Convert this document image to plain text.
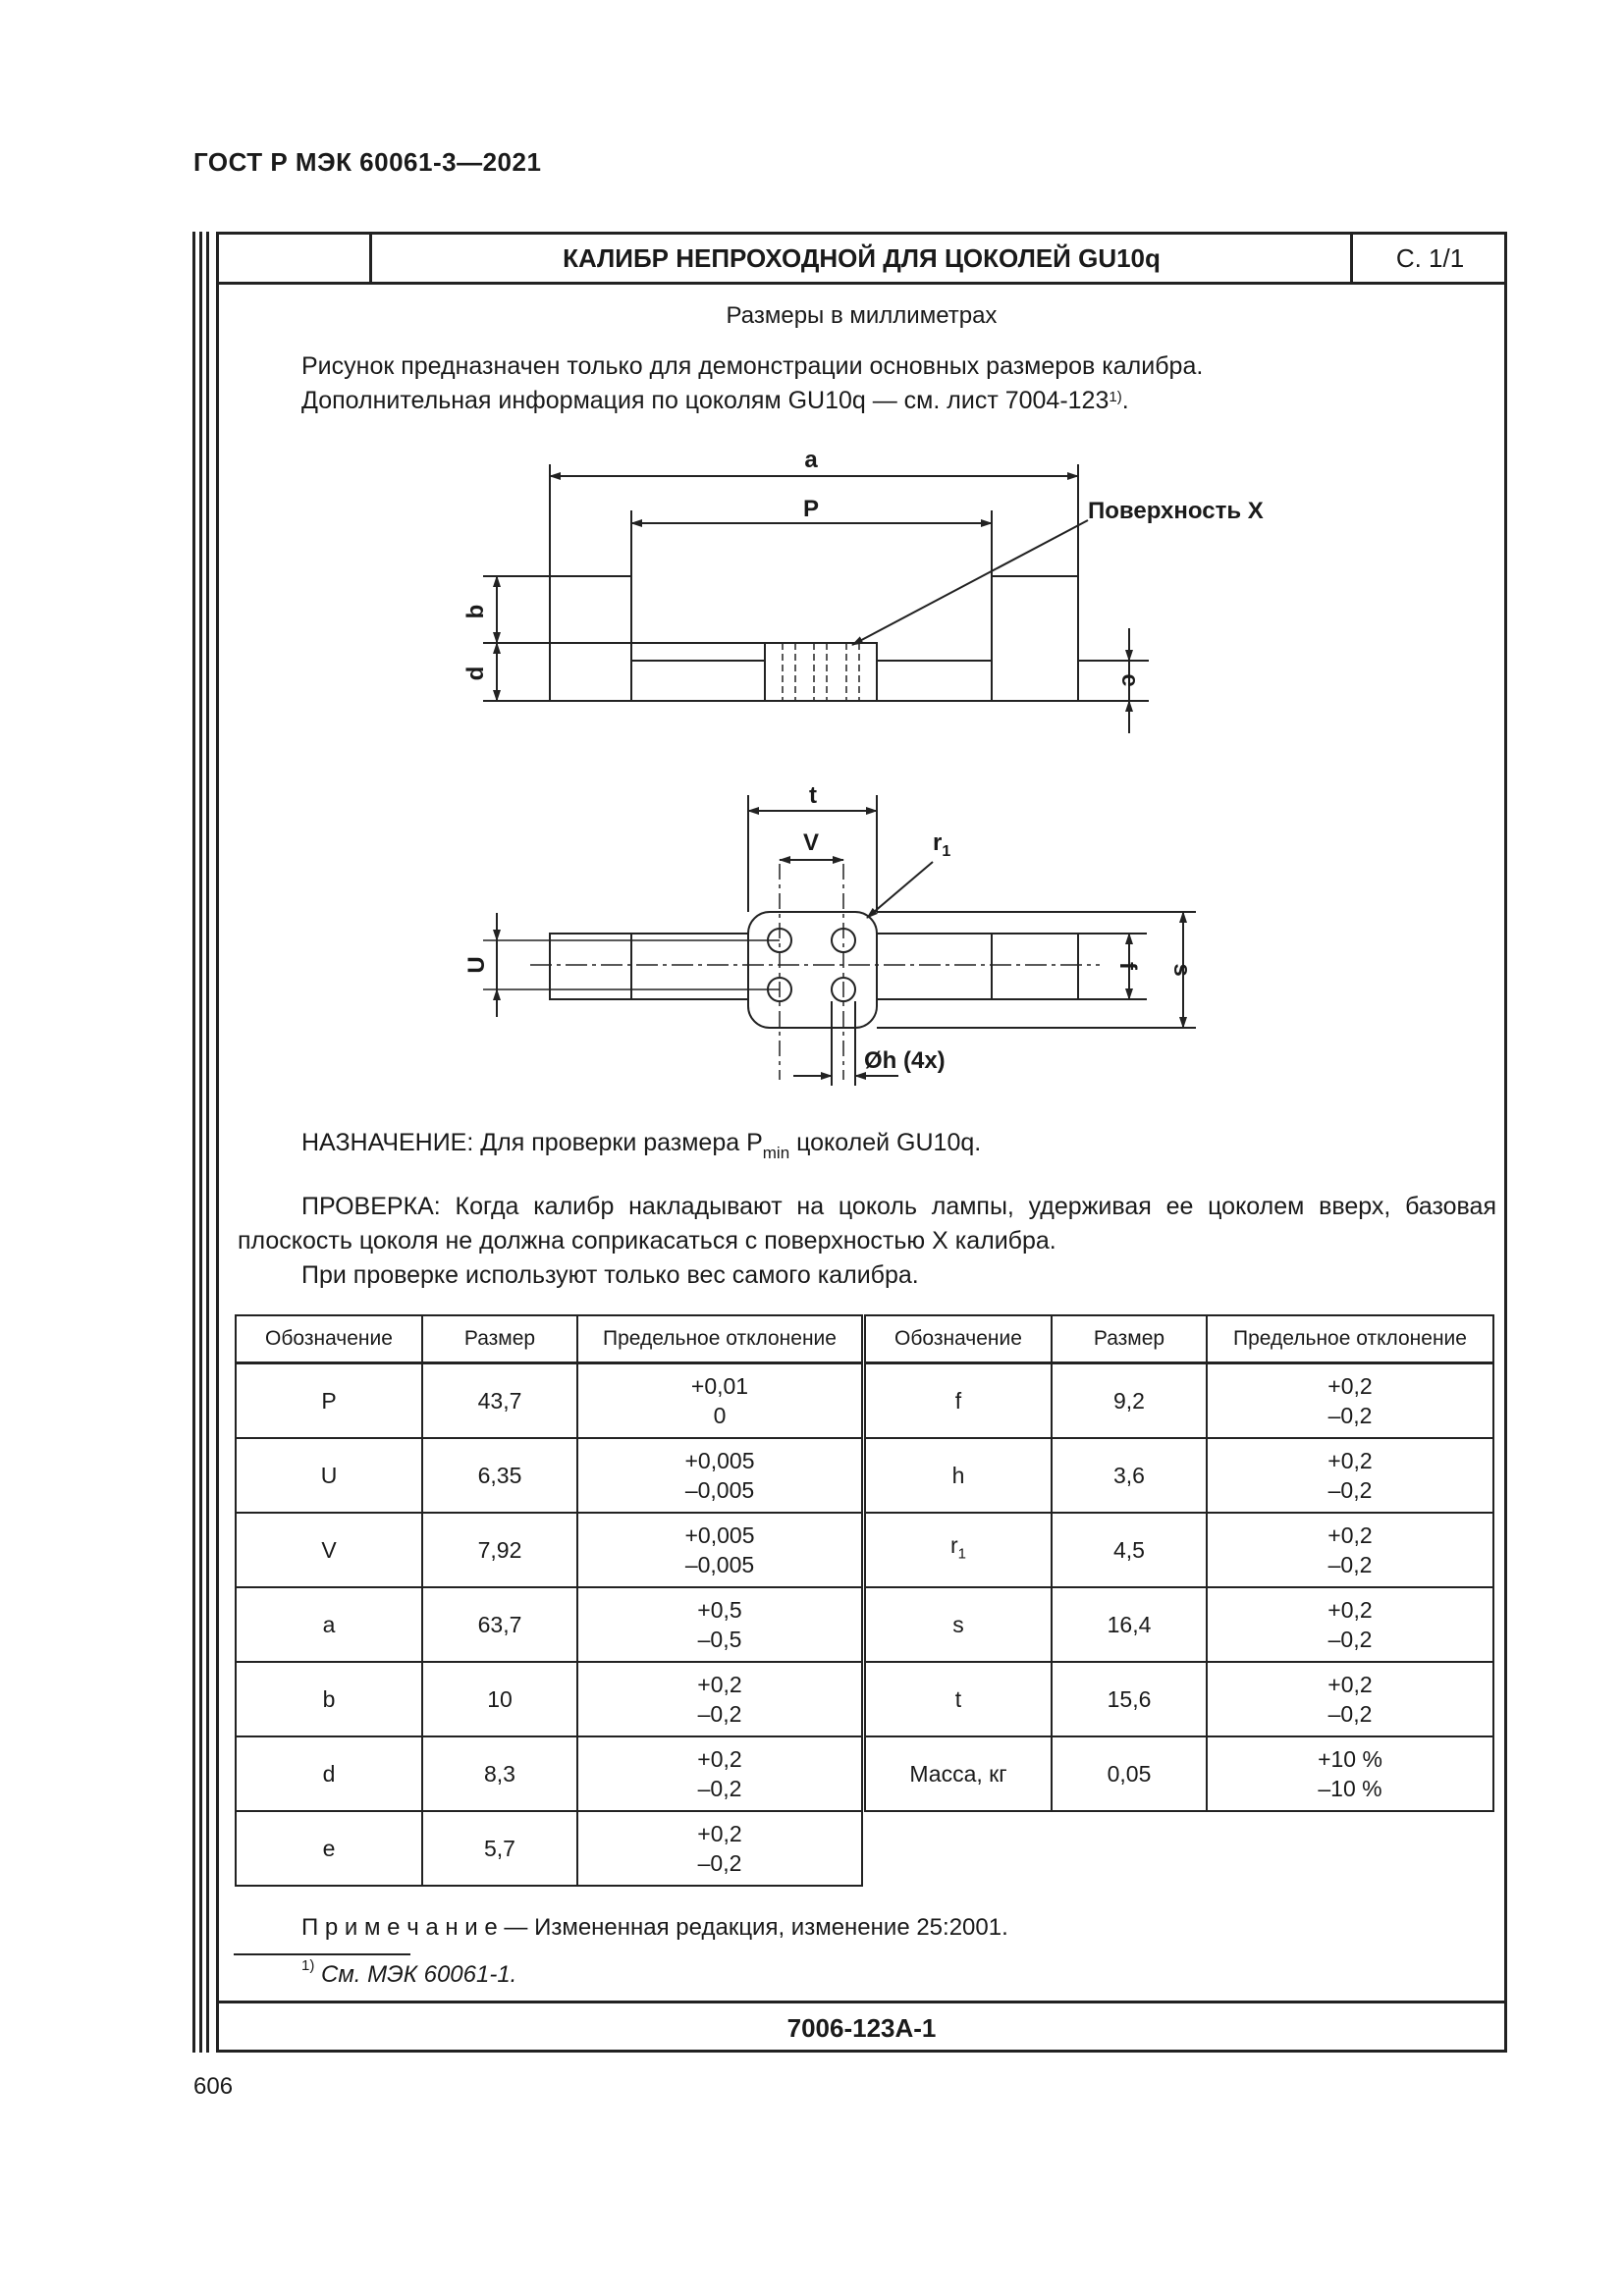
ГОСТ Р МЭК 60061-3—2021
КАЛИБР НЕПРОХОДНОЙ ДЛЯ ЦОКОЛЕЙ GU10q	С. 1/1
Размеры в миллиметрах
Рисунок предназначен только для демонстрации основных размеров калибра.
Дополнительная информация по цоколям GU10q — см. лист 7004-123$^{1)}$.
a
P	Поверхность X
b
d	e
t
V	$r_1$
U	f s
Øh (4x)
НАЗНАЧЕНИЕ: Для проверки размера $P_{min}$ цоколей GU10q.
ПРОВЕРКА: Когда калибр накладывают на цоколь лампы, удерживая ее цоколем вверх, базовая плоскость цоколя не должна соприкасаться с поверхностью X калибра.
При проверке используют только вес самого калибра.
Обозначение	Размер	Предельное отклонение
P	43,7	+0,01
0

U	6,35	+0,005
–0,005

V	7,92	+0,005
–0,005

a	63,7	+0,5
–0,5

b	10	+0,2
–0,2

d	8,3	+0,2
–0,2

e	5,7	+0,2
–0,2
Обозначение	Размер	Предельное отклонение
f	9,2	+0,2
–0,2

h	3,6	+0,2
–0,2

$r_1$	4,5	+0,2
–0,2

s	16,4	+0,2
–0,2

t	15,6	+0,2
–0,2

Масса, кг	0,05	+10 %
–10 %
П р и м е ч а н и е — Измененная редакция, изменение 25:2001.
$^{1)}$ См. МЭК 60061-1.
7006-123A-1
606
